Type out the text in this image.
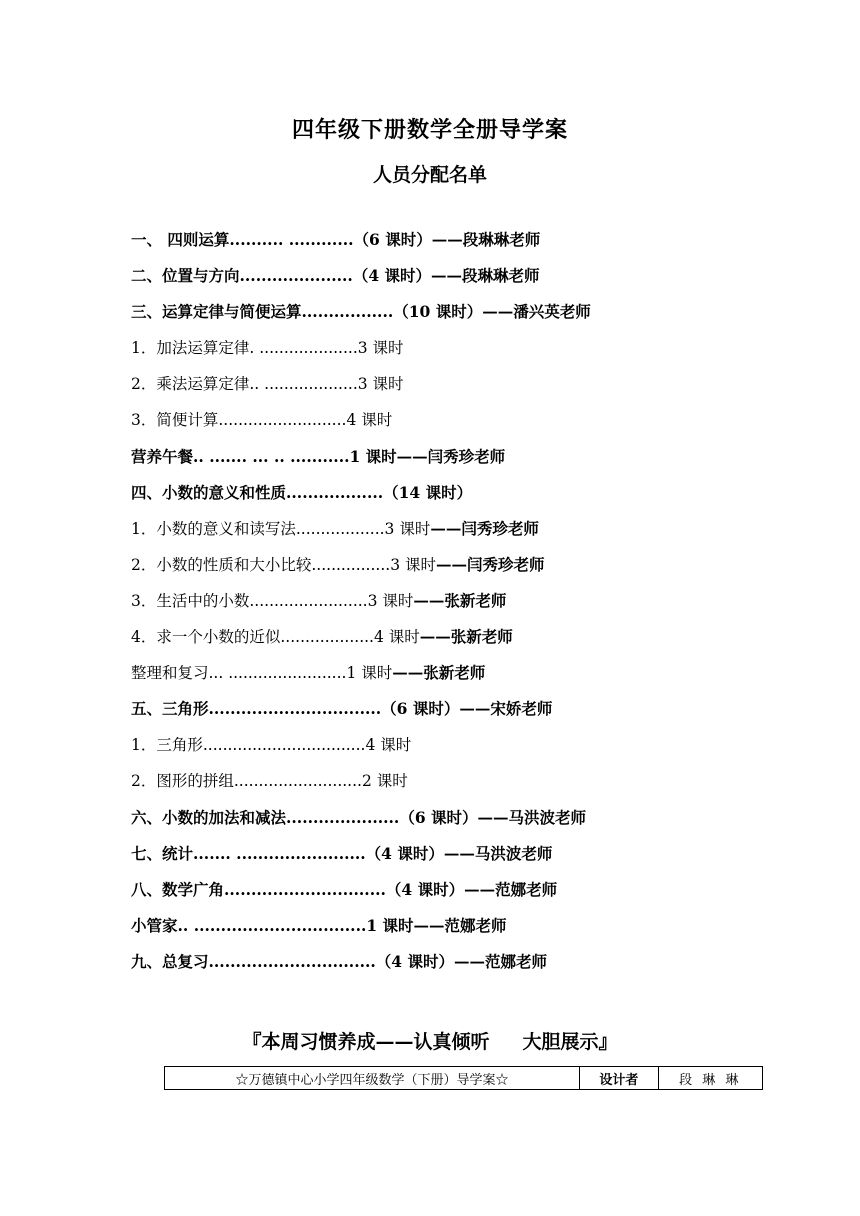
四年级下册数学全册导学案
人员分配名单
一、 四则运算.......... ............（6 课时）——段琳琳老师
二、位置与方向.....................（4 课时）——段琳琳老师
三、运算定律与简便运算.................（10 课时）——潘兴英老师
1．加法运算定律. ....................3 课时
2．乘法运算定律.. ...................3 课时
3．简便计算..........................4 课时
营养午餐.. ....... ... .. ...........1 课时——闫秀珍老师
四、小数的意义和性质..................（14 课时）
1．小数的意义和读写法..................3 课时——闫秀珍老师
2．小数的性质和大小比较................3 课时——闫秀珍老师
3．生活中的小数........................3 课时——张新老师
4．求一个小数的近似...................4 课时——张新老师
整理和复习... ........................1 课时——张新老师
五、三角形................................（6 课时）——宋娇老师
1．三角形.................................4 课时
2．图形的拼组..........................2 课时
六、小数的加法和减法.....................（6 课时）——马洪波老师
七、统计....... ........................（4 课时）——马洪波老师
八、数学广角..............................（4 课时）——范娜老师
小管家.. ................................1 课时——范娜老师
九、总复习...............................（4 课时）——范娜老师
『本周习惯养成——认真倾听     大胆展示』
☆万德镇中心小学四年级数学（下册）导学案☆	设计者	段 琳 琳
